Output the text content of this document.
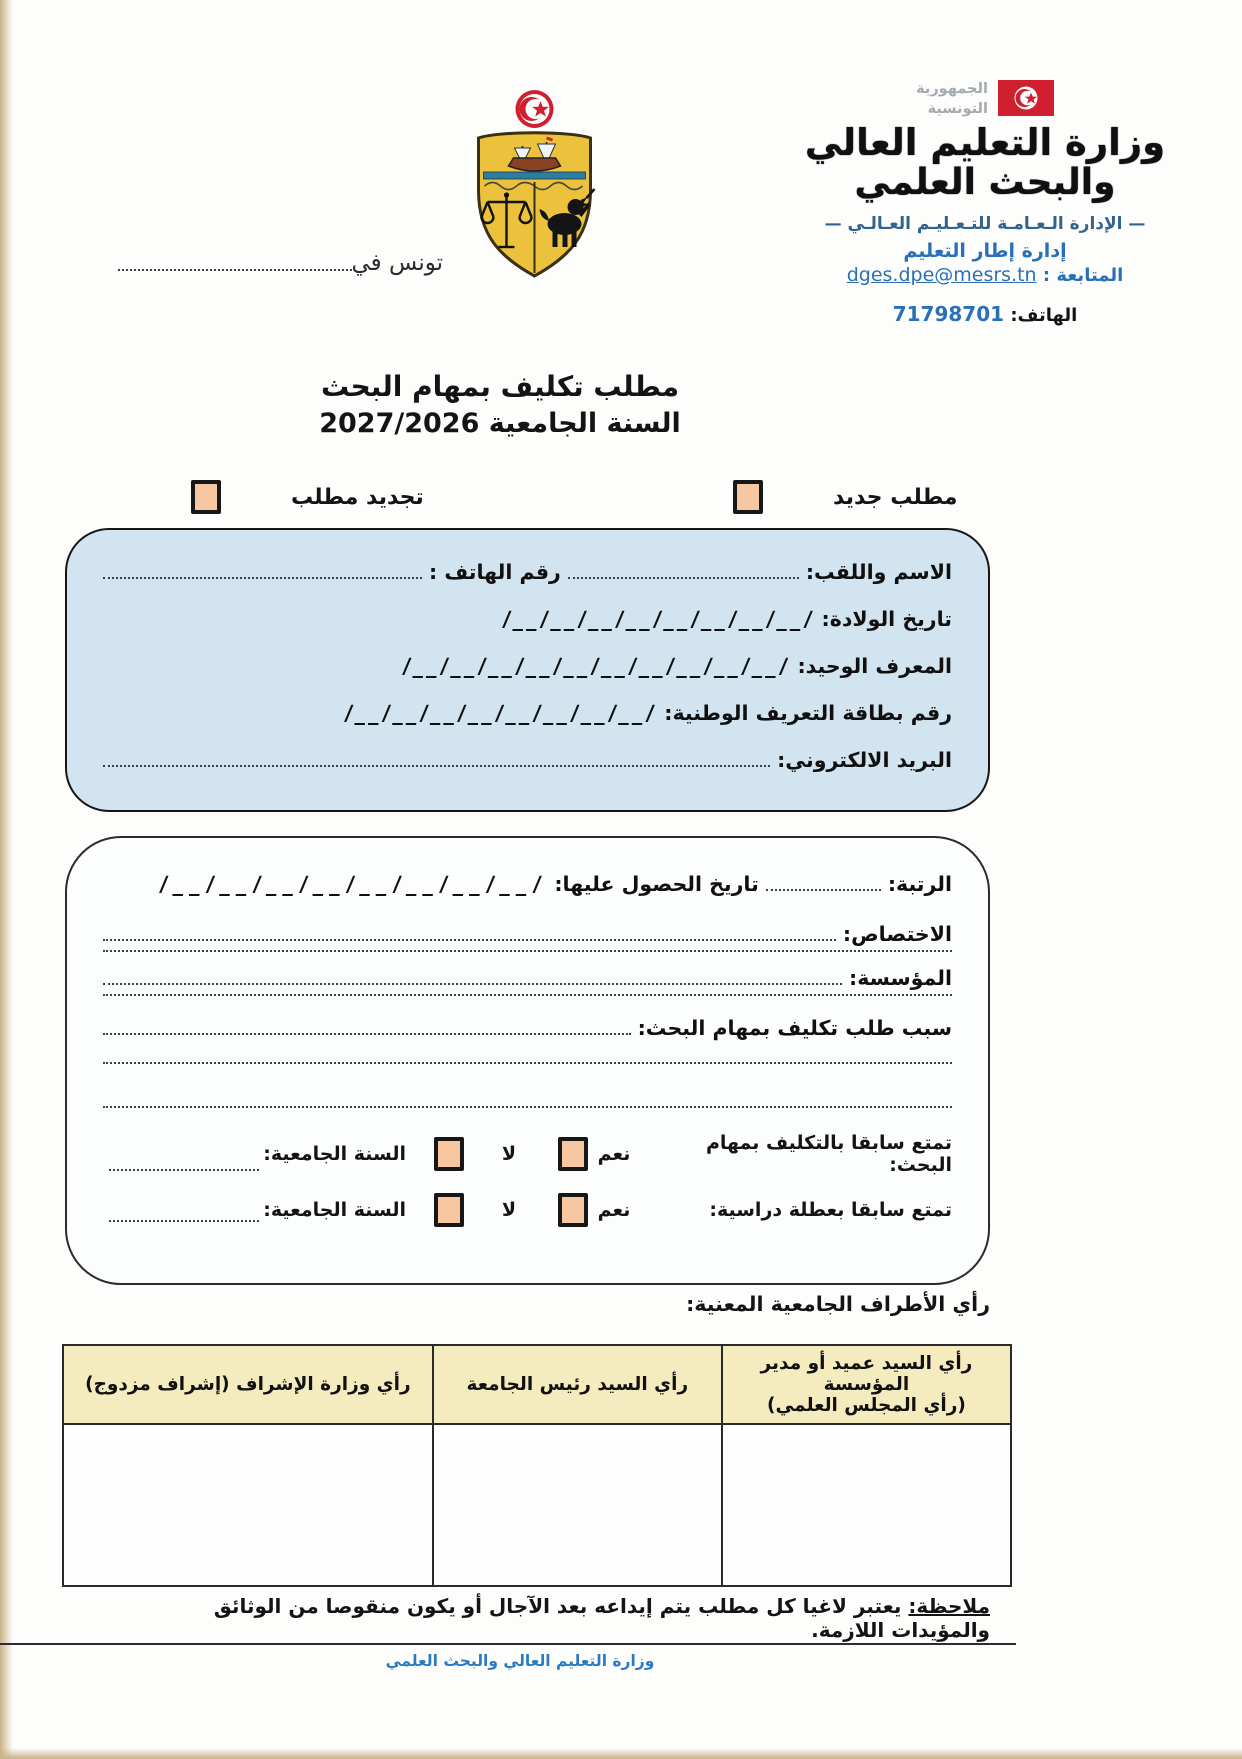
الجمهورية
التونسية
وزارة التعليم العالي
والبحث العلمي
— الإدارة الـعـامـة للتـعـليـم العـالـي —
إدارة إطار التعليم
المتابعة : dges.dpe@mesrs.tn
الهاتف: 71798701
تونس في
مطلب تكليف بمهام البحث
السنة الجامعية 2027/2026
مطلب جديد
تجديد مطلب
الاسم واللقب:
رقم الهاتف :
تاريخ الولادة:
/__/__/__/__/__/__/__/__/
المعرف الوحيد:
/__/__/__/__/__/__/__/__/__/__/
رقم بطاقة التعريف الوطنية:
/__/__/__/__/__/__/__/__/
البريد الالكتروني:
الرتبة:
تاريخ الحصول عليها:
/__/__/__/__/__/__/__/__/
الاختصاص:
المؤسسة:
سبب طلب تكليف بمهام البحث:
تمتع سابقا بالتكليف بمهام البحث:
نعم
لا
السنة الجامعية:
تمتع سابقا بعطلة دراسية:
نعم
لا
السنة الجامعية:
رأي الأطراف الجامعية المعنية:
رأي السيد عميد أو مدير المؤسسة
(رأي المجلس العلمي)	رأي السيد رئيس الجامعة	رأي وزارة الإشراف (إشراف مزدوج)

ملاحظة: يعتبر لاغيا كل مطلب يتم إيداعه بعد الآجال أو يكون منقوصا من الوثائق والمؤيدات اللازمة.
وزارة التعليم العالي والبحث العلمي
